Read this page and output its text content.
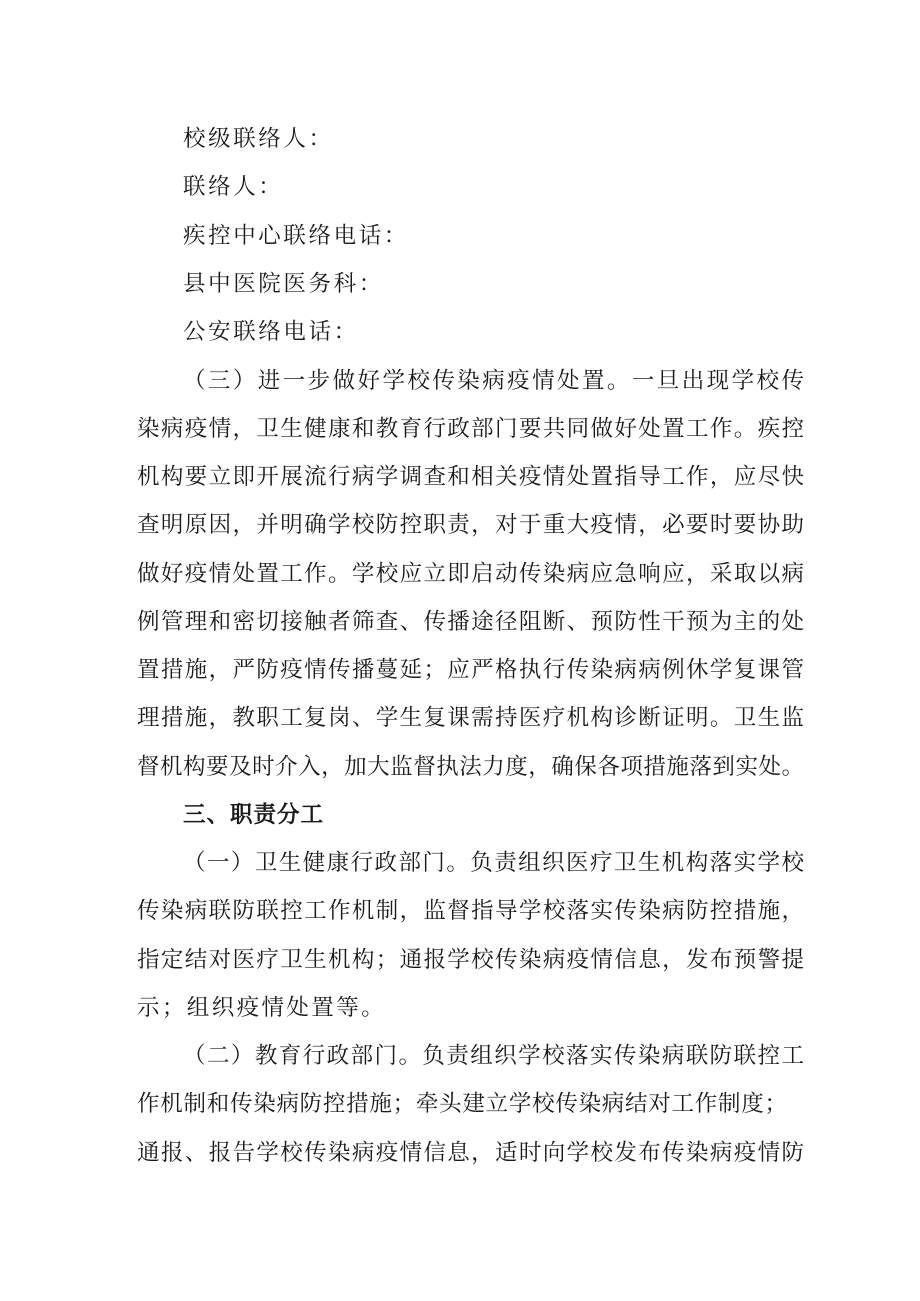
校级联络人：
联络人：
疾控中心联络电话：
县中医院医务科：
公安联络电话：
（三）进一步做好学校传染病疫情处置。一旦出现学校传
染病疫情，卫生健康和教育行政部门要共同做好处置工作。疾控
机构要立即开展流行病学调查和相关疫情处置指导工作，应尽快
查明原因，并明确学校防控职责，对于重大疫情，必要时要协助
做好疫情处置工作。学校应立即启动传染病应急响应，采取以病
例管理和密切接触者筛查、传播途径阻断、预防性干预为主的处
置措施，严防疫情传播蔓延；应严格执行传染病病例休学复课管
理措施，教职工复岗、学生复课需持医疗机构诊断证明。卫生监
督机构要及时介入，加大监督执法力度，确保各项措施落到实处。
三、职责分工
（一）卫生健康行政部门。负责组织医疗卫生机构落实学校
传染病联防联控工作机制，监督指导学校落实传染病防控措施，
指定结对医疗卫生机构；通报学校传染病疫情信息，发布预警提
示；组织疫情处置等。
（二）教育行政部门。负责组织学校落实传染病联防联控工
作机制和传染病防控措施；牵头建立学校传染病结对工作制度；
通报、报告学校传染病疫情信息，适时向学校发布传染病疫情防
